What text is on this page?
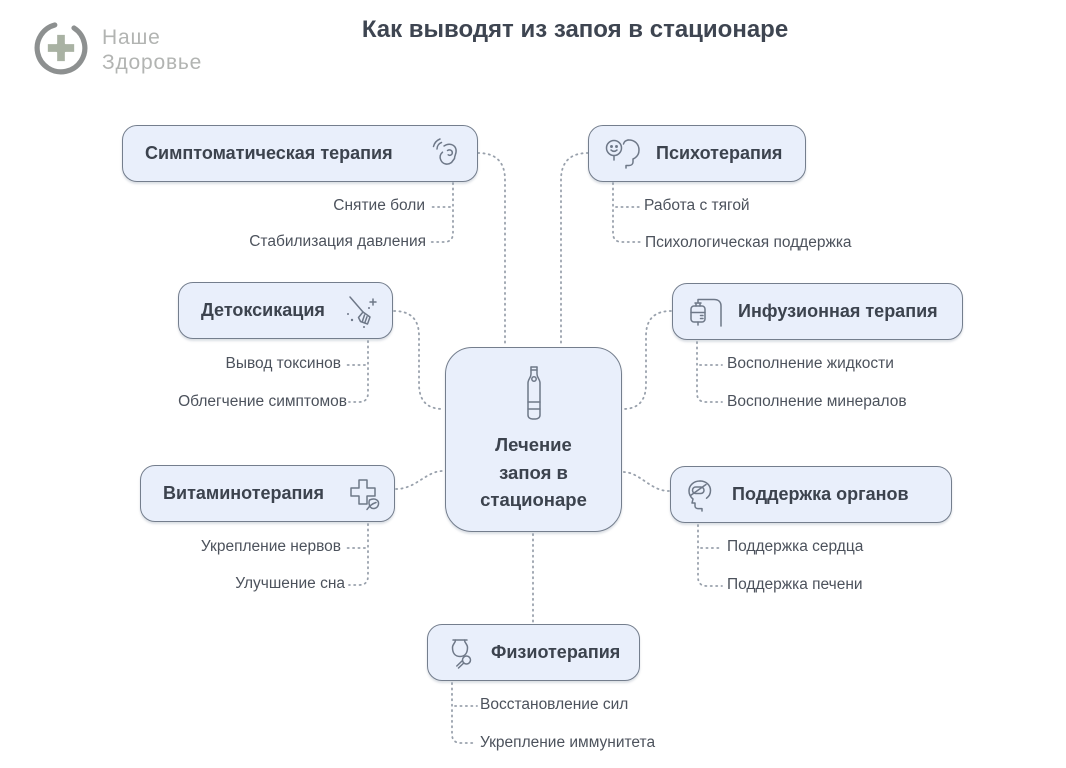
Наше
Здоровье
Как выводят из запоя в стационаре
Лечение запоя в стационаре
Симптоматическая терапия	Психотерапия
Детоксикация	Инфузионная терапия
Витаминотерапия	Поддержка органов
Физиотерапия
Снятие боли
Стабилизация давления
Работа с тягой
Психологическая поддержка
Вывод токсинов
Облегчение симптомов
Восполнение жидкости
Восполнение минералов
Укрепление нервов
Улучшение сна
Поддержка сердца
Поддержка печени
Восстановление сил
Укрепление иммунитета
